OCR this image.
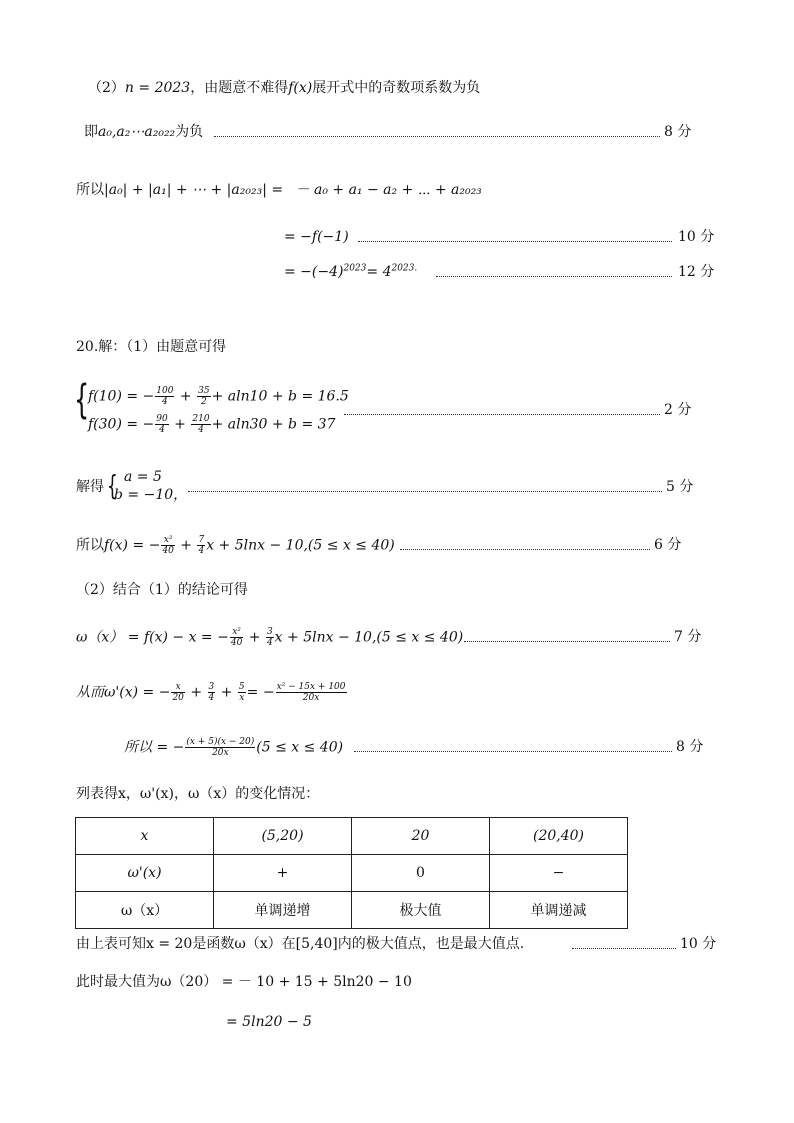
（2）n = 2023，由题意不难得f(x)展开式中的奇数项系数为负
即a₀,a₂⋯a₂₀₂₂为负	8 分
所以|a₀| + |a₁| + ⋯ + |a₂₀₂₃| = － a₀ + a₁ − a₂ + ⋯ + a₂₀₂₃
= −f(−1)	10 分
= $-(-4)^{2023}= 4^{2023.}$	12 分
20.解：（1）由题意可得
{
f(10) = − $\frac{100}{4} + \frac{35}{2} + aln10 + b = 16.5$
f(30) = − $\frac{90}{4} + \frac{210}{4} + aln30 + b = 37$
2 分
解得 { a = 5
b = −10，	5 分
所以f(x) = − $\frac{\text{x²}}{40} + \frac{7}{4}$ x + 5lnx − 10,(5 ≤ x ≤ 40)	6 分
（2）结合（1）的结论可得
ω（x） = f(x) − x = − $\frac{\text{x²}}{40} + \frac{3}{4}$ x + 5lnx − 10,(5 ≤ x ≤ 40)	7 分
从而ω'(x) = − $\frac{x}{20} + \frac{3}{4} + \frac{5}{x}$ = − $\frac{\text{x² − 15x + 100}}{20x}$
所以 = − $\frac{(x + 5)(x - 20)}{20x} (5 \le x \le 40)$	8 分
列表得x，ω'(x)，ω（x）的变化情况：
x	(5,20)	20	(20,40)
ω'(x)	+	0	−
ω（x）	单调递增	极大值	单调递减
由上表可知x = 20是函数ω（x）在[5,40]内的极大值点，也是最大值点.	10 分
此时最大值为ω（20） = － 10 + 15 + 5ln20 − 10
= 5ln20 − 5
